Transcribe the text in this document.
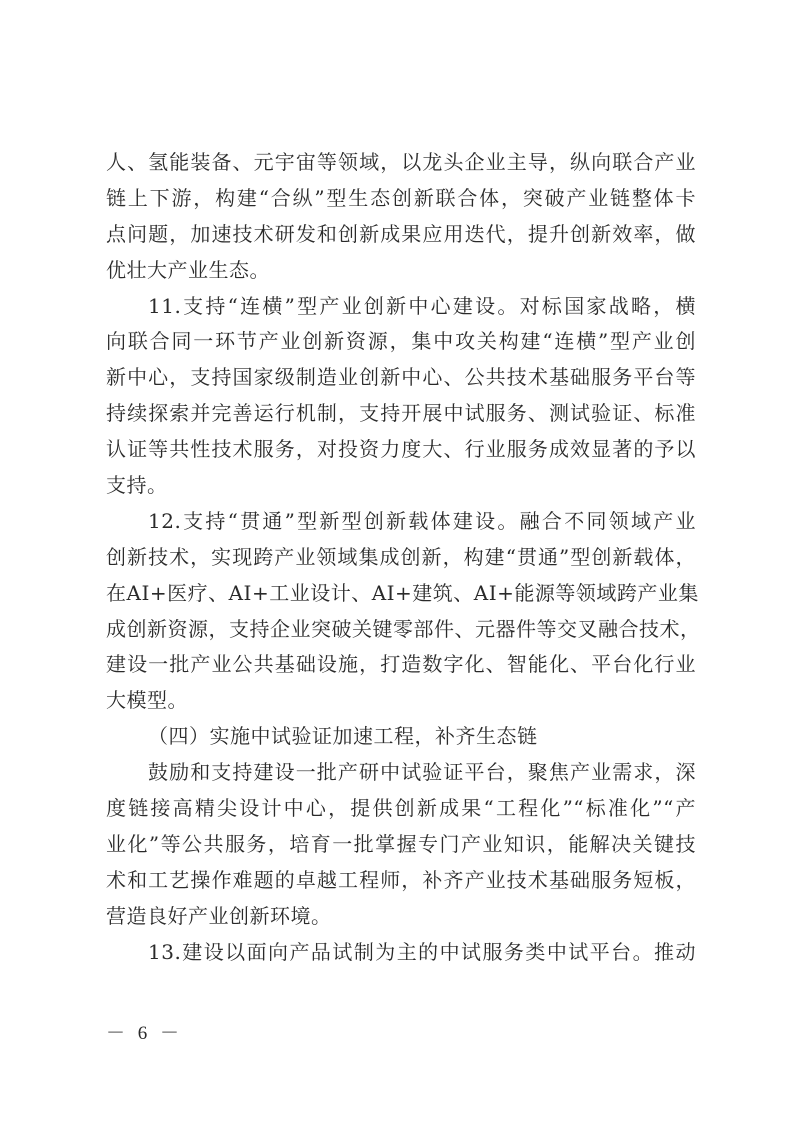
人、氢能装备、元宇宙等领域，以龙头企业主导，纵向联合产业
链上下游，构建“合纵”型生态创新联合体，突破产业链整体卡
点问题，加速技术研发和创新成果应用迭代，提升创新效率，做
优壮大产业生态。
11.支持“连横”型产业创新中心建设。对标国家战略，横
向联合同一环节产业创新资源，集中攻关构建“连横”型产业创
新中心，支持国家级制造业创新中心、公共技术基础服务平台等
持续探索并完善运行机制，支持开展中试服务、测试验证、标准
认证等共性技术服务，对投资力度大、行业服务成效显著的予以
支持。
12.支持“贯通”型新型创新载体建设。融合不同领域产业
创新技术，实现跨产业领域集成创新，构建“贯通”型创新载体，
在AI+医疗、AI+工业设计、AI+建筑、AI+能源等领域跨产业集
成创新资源，支持企业突破关键零部件、元器件等交叉融合技术，
建设一批产业公共基础设施，打造数字化、智能化、平台化行业
大模型。
（四）实施中试验证加速工程，补齐生态链
鼓励和支持建设一批产研中试验证平台，聚焦产业需求，深
度链接高精尖设计中心，提供创新成果“工程化”“标准化”“产
业化”等公共服务，培育一批掌握专门产业知识，能解决关键技
术和工艺操作难题的卓越工程师，补齐产业技术基础服务短板，
营造良好产业创新环境。
13.建设以面向产品试制为主的中试服务类中试平台。推动
－ 6 －
